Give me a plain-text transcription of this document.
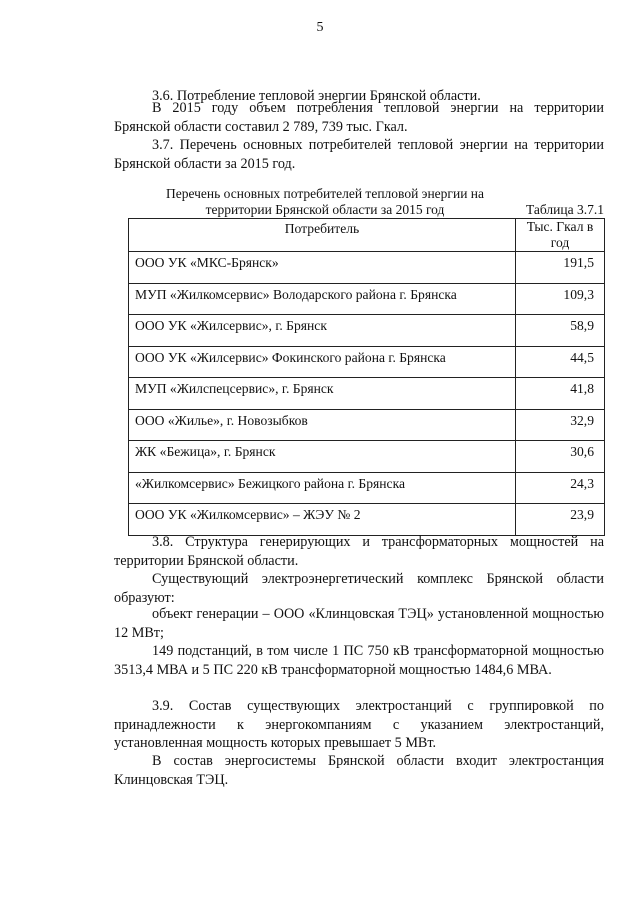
5
3.6. Потребление тепловой энергии Брянской области.
В 2015 году объем потребления тепловой энергии на территории Брянской области составил 2 789, 739 тыс. Гкал.
3.7. Перечень основных потребителей тепловой энергии на территории Брянской области за 2015 год.
Перечень основных потребителей тепловой энергии на
территории Брянской области за 2015 год	Таблица 3.7.1
Потребитель	Тыс. Гкал в год
ООО УК «МКС-Брянск»	191,5
МУП «Жилкомсервис» Володарского района г. Брянска	109,3
ООО УК «Жилсервис», г. Брянск	58,9
ООО УК «Жилсервис» Фокинского района г. Брянска	44,5
МУП «Жилспецсервис», г. Брянск	41,8
ООО «Жилье», г. Новозыбков	32,9
ЖК «Бежица», г. Брянск	30,6
«Жилкомсервис» Бежицкого района г. Брянска	24,3
ООО УК «Жилкомсервис» – ЖЭУ № 2	23,9
3.8. Структура генерирующих и трансформаторных мощностей на территории Брянской области.
Существующий электроэнергетический комплекс Брянской области образуют:
объект генерации – ООО «Клинцовская ТЭЦ» установленной мощностью 12 МВт;
149 подстанций, в том числе 1 ПС 750 кВ трансформаторной мощностью 3513,4 МВА и 5 ПС 220 кВ трансформаторной мощностью 1484,6 МВА.
3.9. Состав существующих электростанций с группировкой по принадлежности к энергокомпаниям с указанием электростанций, установленная мощность которых превышает 5 МВт.
В состав энергосистемы Брянской области входит электростанция Клинцовская ТЭЦ.
